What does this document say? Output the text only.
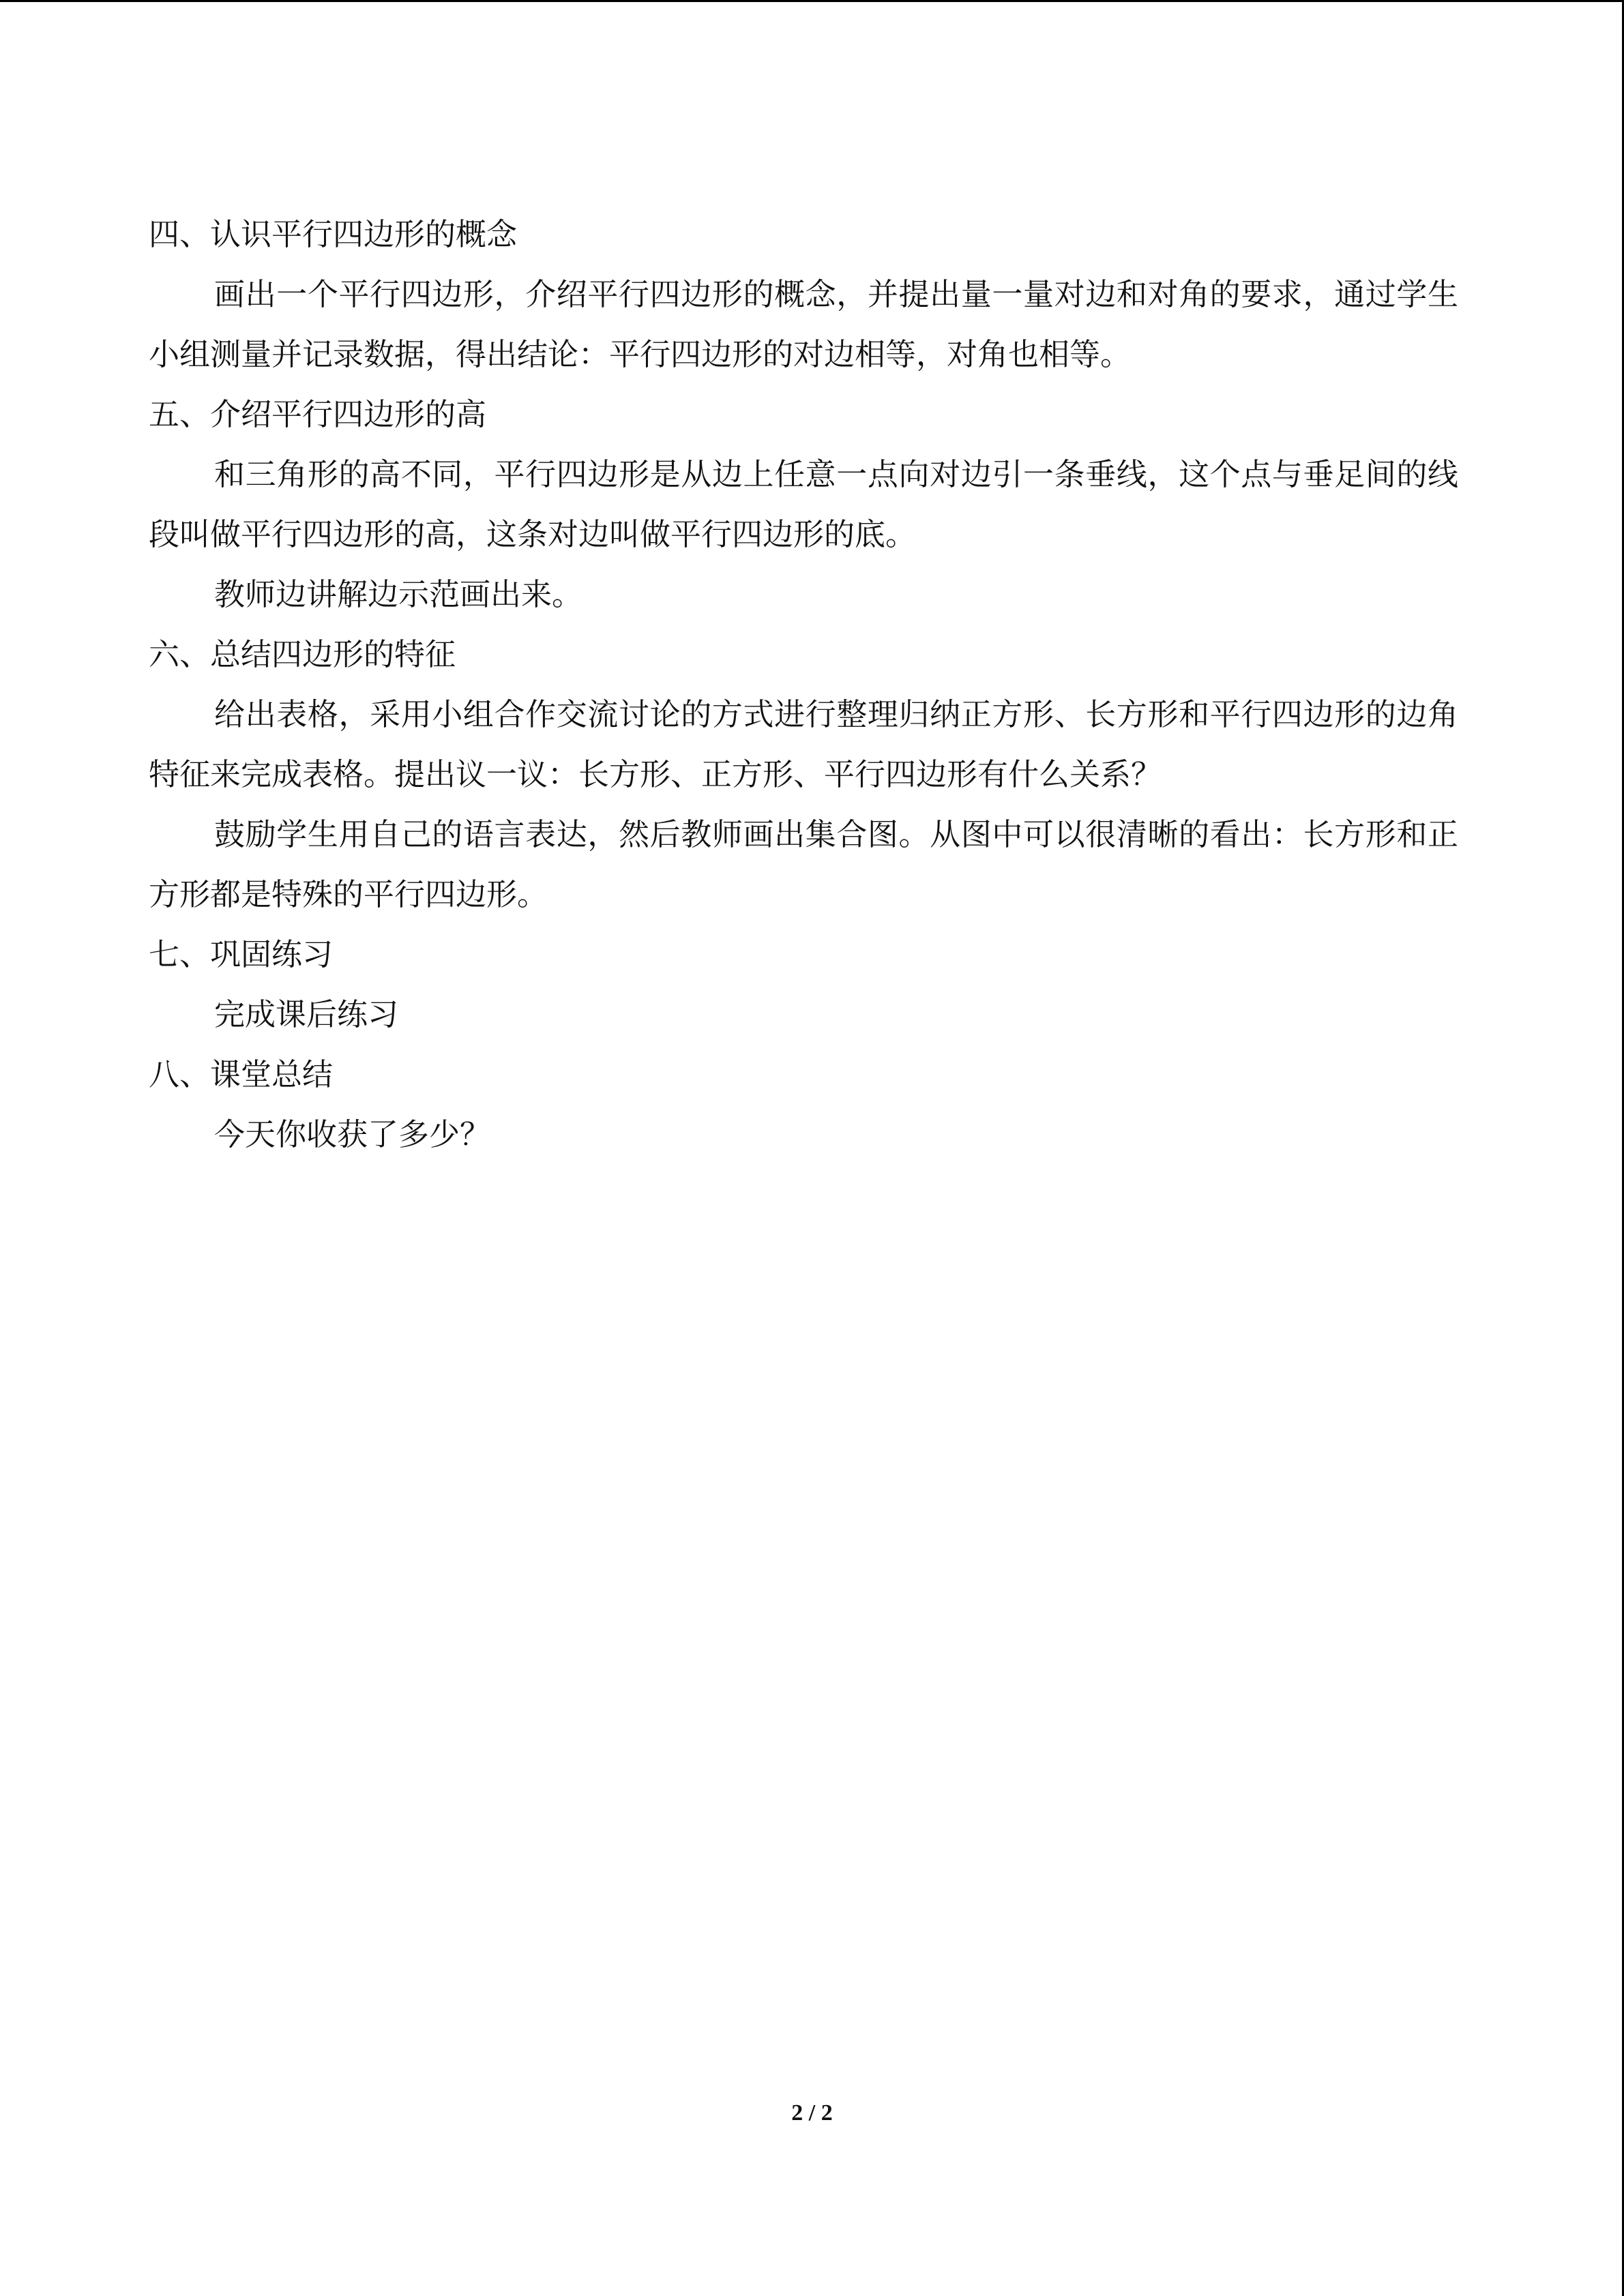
四、认识平行四边形的概念

画出一个平行四边形，介绍平行四边形的概念，并提出量一量对边和对角的要求，通过学生小组测量并记录数据，得出结论：平行四边形的对边相等，对角也相等。

五、介绍平行四边形的高

和三角形的高不同，平行四边形是从边上任意一点向对边引一条垂线，这个点与垂足间的线段叫做平行四边形的高，这条对边叫做平行四边形的底。

教师边讲解边示范画出来。

六、总结四边形的特征

给出表格，采用小组合作交流讨论的方式进行整理归纳正方形、长方形和平行四边形的边角特征来完成表格。提出议一议：长方形、正方形、平行四边形有什么关系？

鼓励学生用自己的语言表达，然后教师画出集合图。从图中可以很清晰的看出：长方形和正方形都是特殊的平行四边形。

七、巩固练习

完成课后练习

八、课堂总结

今天你收获了多少？

2 / 2
